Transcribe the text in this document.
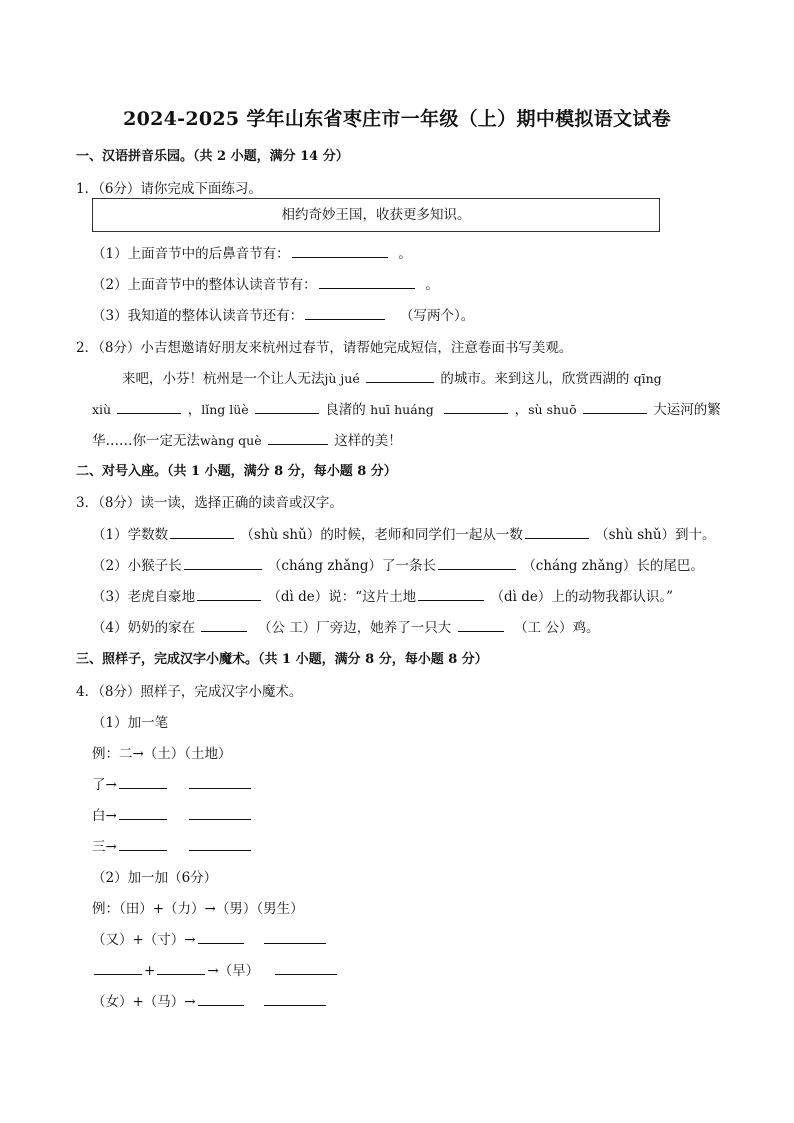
2024-2025 学年山东省枣庄市一年级（上）期中模拟语文试卷
一、汉语拼音乐园。（共 2 小题，满分 14 分）
1．（6分）请你完成下面练习。
相约奇妙王国，收获更多知识。
（1）上面音节中的后鼻音节有：	。
（2）上面音节中的整体认读音节有：	。
（3）我知道的整体认读音节还有：	（写两个）。
2．（8分）小吉想邀请好朋友来杭州过春节，请帮她完成短信，注意卷面书写美观。
来吧，小芬！杭州是一个让人无法jù jué	的城市。来到这儿，欣赏西湖的 qīng
xiù	，lǐng lüè	良渚的 huī huáng	，sù shuō	大运河的繁
华……你一定无法wàng què	这样的美！
二、对号入座。（共 1 小题，满分 8 分，每小题 8 分）
3．（8分）读一读，选择正确的读音或汉字。
（1）学数数	（shù shǔ）的时候，老师和同学们一起从一数	（shù shǔ）到十。
（2）小猴子长	（cháng zhǎng）了一条长	（cháng zhǎng）长的尾巴。
（3）老虎自豪地	（dì de）说：“这片土地	（dì de）上的动物我都认识。”
（4）奶奶的家在	（公 工）厂旁边，她养了一只大	（工 公）鸡。
三、照样子，完成汉字小魔术。（共 1 小题，满分 8 分，每小题 8 分）
4．（8分）照样子，完成汉字小魔术。
（1）加一笔
例：二→（土）（土地）
了→
白→
三→
（2）加一加（6分）
例：（田）+（力）→（男）（男生）
（又）+（寸）→
+	→（早）
（女）+（马）→
